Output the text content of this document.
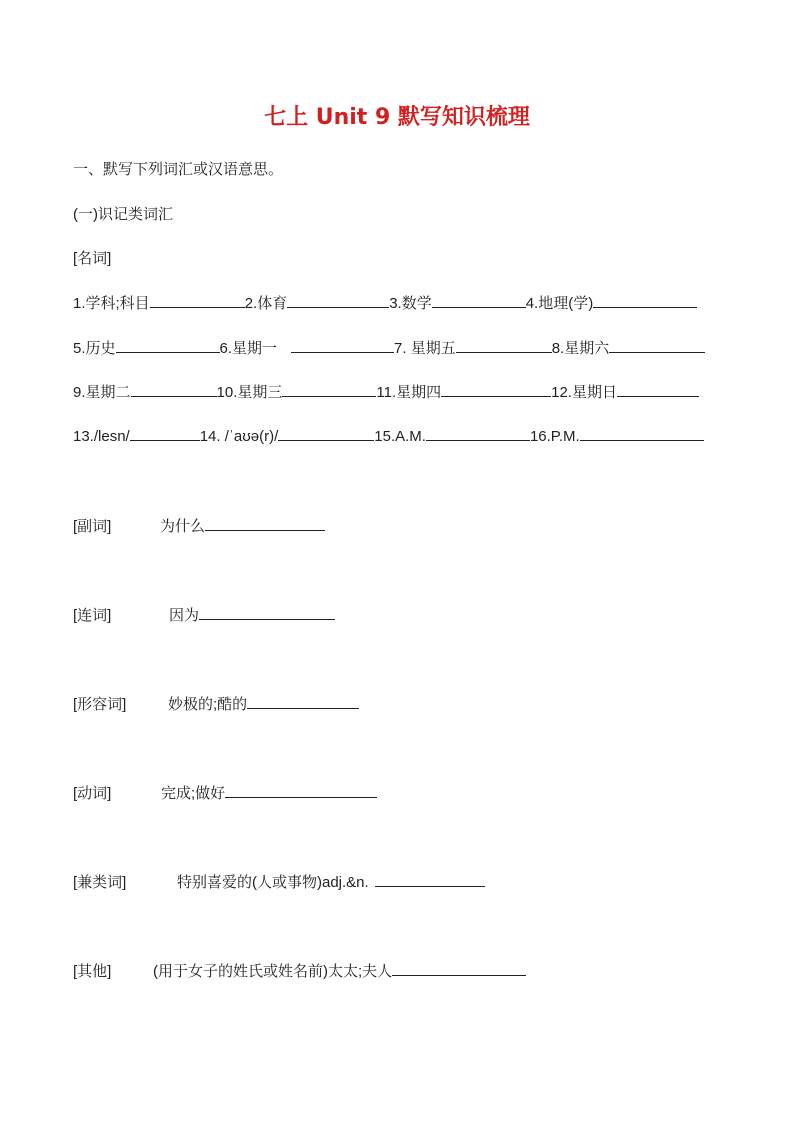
七上 Unit 9 默写知识梳理
一、默写下列词汇或汉语意思。
(一)识记类词汇
[名词]
1.学科;科目	2.体育	3.数学	4.地理(学)
5.历史	6.星期一	7. 星期五	8.星期六
9.星期二	10.星期三	11.星期四	12.星期日
13./lesn/	14. /ˈaʊə(r)/	15.A.M.	16.P.M.
[副词]	为什么
[连词]	因为
[形容词]	妙极的;酷的
[动词]	完成;做好
[兼类词]	特别喜爱的(人或事物)adj.&n.
[其他]	(用于女子的姓氏或姓名前)太太;夫人
